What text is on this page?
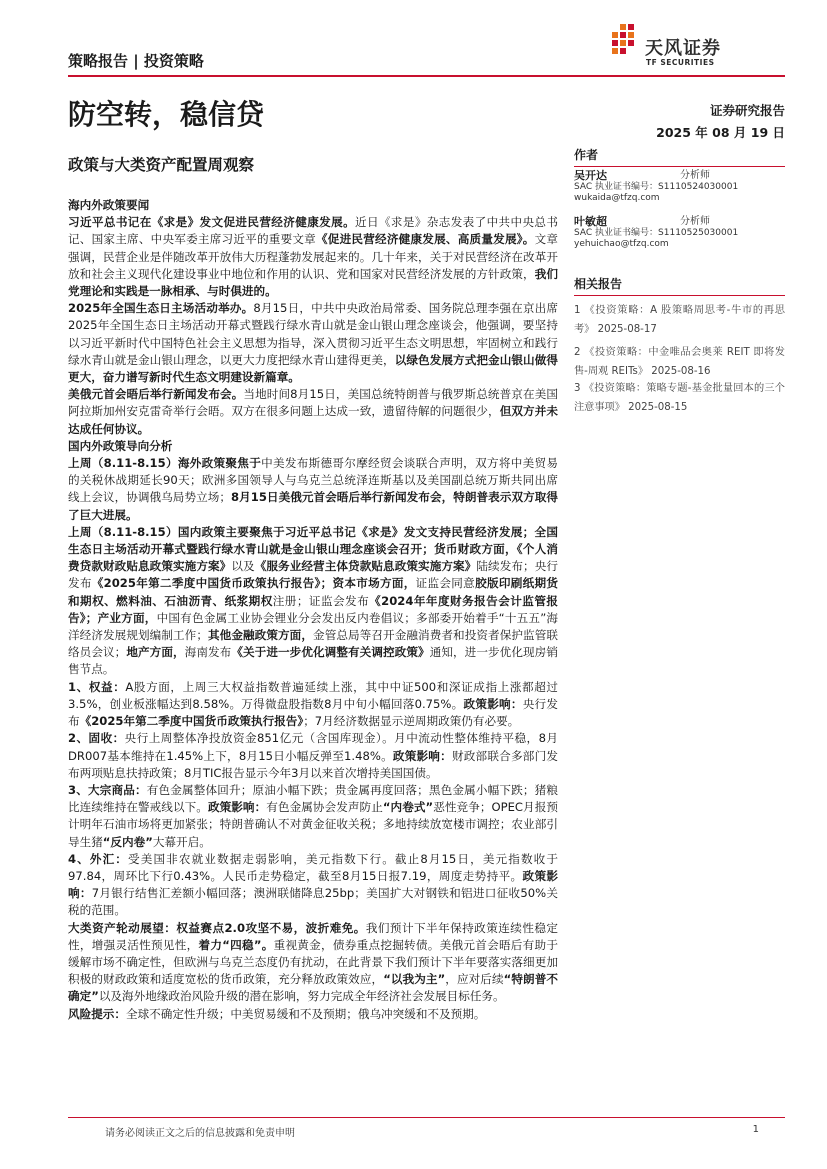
策略报告 | 投资策略
天风证券
TF SECURITIES
防空转，稳信贷	证券研究报告
2025 年 08 月 19 日
政策与大类资产配置周观察

海内外政策要闻

习近平总书记在《求是》发文促进民营经济健康发展。近日《求是》杂志发表了中共中央总书记、国家主席、中央军委主席习近平的重要文章《促进民营经济健康发展、高质量发展》。文章强调，民营企业是伴随改革开放伟大历程蓬勃发展起来的。几十年来，关于对民营经济在改革开放和社会主义现代化建设事业中地位和作用的认识、党和国家对民营经济发展的方针政策，我们党理论和实践是一脉相承、与时俱进的。

2025年全国生态日主场活动举办。8月15日，中共中央政治局常委、国务院总理李强在京出席2025年全国生态日主场活动开幕式暨践行绿水青山就是金山银山理念座谈会，他强调，要坚持以习近平新时代中国特色社会主义思想为指导，深入贯彻习近平生态文明思想，牢固树立和践行绿水青山就是金山银山理念，以更大力度把绿水青山建得更美，以绿色发展方式把金山银山做得更大，奋力谱写新时代生态文明建设新篇章。

美俄元首会晤后举行新闻发布会。当地时间8月15日，美国总统特朗普与俄罗斯总统普京在美国阿拉斯加州安克雷奇举行会晤。双方在很多问题上达成一致，遗留待解的问题很少，但双方并未达成任何协议。

国内外政策导向分析

上周（8.11-8.15）海外政策聚焦于中美发布斯德哥尔摩经贸会谈联合声明，双方将中美贸易的关税休战期延长90天；欧洲多国领导人与乌克兰总统泽连斯基以及美国副总统万斯共同出席线上会议，协调俄乌局势立场；8月15日美俄元首会晤后举行新闻发布会，特朗普表示双方取得了巨大进展。

上周（8.11-8.15）国内政策主要聚焦于习近平总书记《求是》发文支持民营经济发展；全国生态日主场活动开幕式暨践行绿水青山就是金山银山理念座谈会召开；货币财政方面，《个人消费贷款财政贴息政策实施方案》以及《服务业经营主体贷款贴息政策实施方案》陆续发布；央行发布《2025年第二季度中国货币政策执行报告》；资本市场方面，证监会同意胶版印刷纸期货和期权、燃料油、石油沥青、纸浆期权注册；证监会发布《2024年年度财务报告会计监管报告》；产业方面，中国有色金属工业协会锂业分会发出反内卷倡议；多部委开始着手“十五五”海洋经济发展规划编制工作；其他金融政策方面，金管总局等召开金融消费者和投资者保护监管联络员会议；地产方面，海南发布《关于进一步优化调整有关调控政策》通知，进一步优化现房销售节点。

1、权益：A股方面，上周三大权益指数普遍延续上涨，其中中证500和深证成指上涨都超过3.5%，创业板涨幅达到8.58%。万得微盘股指数8月中旬小幅回落0.75%。政策影响：央行发布《2025年第二季度中国货币政策执行报告》；7月经济数据显示逆周期政策仍有必要。

2、固收：央行上周整体净投放资金851亿元（含国库现金）。月中流动性整体维持平稳，8月DR007基本维持在1.45%上下，8月15日小幅反弹至1.48%。政策影响：财政部联合多部门发布两项贴息扶持政策；8月TIC报告显示今年3月以来首次增持美国国债。

3、大宗商品：有色金属整体回升；原油小幅下跌；贵金属再度回落；黑色金属小幅下跌；猪粮比连续维持在警戒线以下。政策影响：有色金属协会发声防止“内卷式”恶性竞争；OPEC月报预计明年石油市场将更加紧张；特朗普确认不对黄金征收关税；多地持续放宽楼市调控；农业部引导生猪“反内卷”大幕开启。

4、外汇：受美国非农就业数据走弱影响，美元指数下行。截止8月15日，美元指数收于97.84，周环比下行0.43%。人民币走势稳定，截至8月15日报7.19，周度走势持平。政策影响：7月银行结售汇差额小幅回落；澳洲联储降息25bp；美国扩大对钢铁和铝进口征收50%关税的范围。

大类资产轮动展望：权益赛点2.0攻坚不易，波折难免。我们预计下半年保持政策连续性稳定性，增强灵活性预见性，着力“四稳”。重视黄金，债券重点挖掘转债。美俄元首会晤后有助于缓解市场不确定性，但欧洲与乌克兰态度仍有扰动，在此背景下我们预计下半年要落实落细更加积极的财政政策和适度宽松的货币政策，充分释放政策效应，“以我为主”，应对后续“特朗普不确定”以及海外地缘政治风险升级的潜在影响，努力完成全年经济社会发展目标任务。

风险提示：全球不确定性升级；中美贸易缓和不及预期；俄乌冲突缓和不及预期。

作者
吴开达	分析师
SAC 执业证书编号：S1110524030001
wukaida@tfzq.com
叶敏超	分析师
SAC 执业证书编号：S1110525030001
yehuichao@tfzq.com
相关报告
1 《投资策略：A 股策略周思考-牛市的再思考》 2025-08-17
2 《投资策略：中金唯品会奥莱 REIT 即将发售-周观 REITs》 2025-08-16
3 《投资策略：策略专题-基金批量回本的三个注意事项》 2025-08-15
请务必阅读正文之后的信息披露和免责申明	1
